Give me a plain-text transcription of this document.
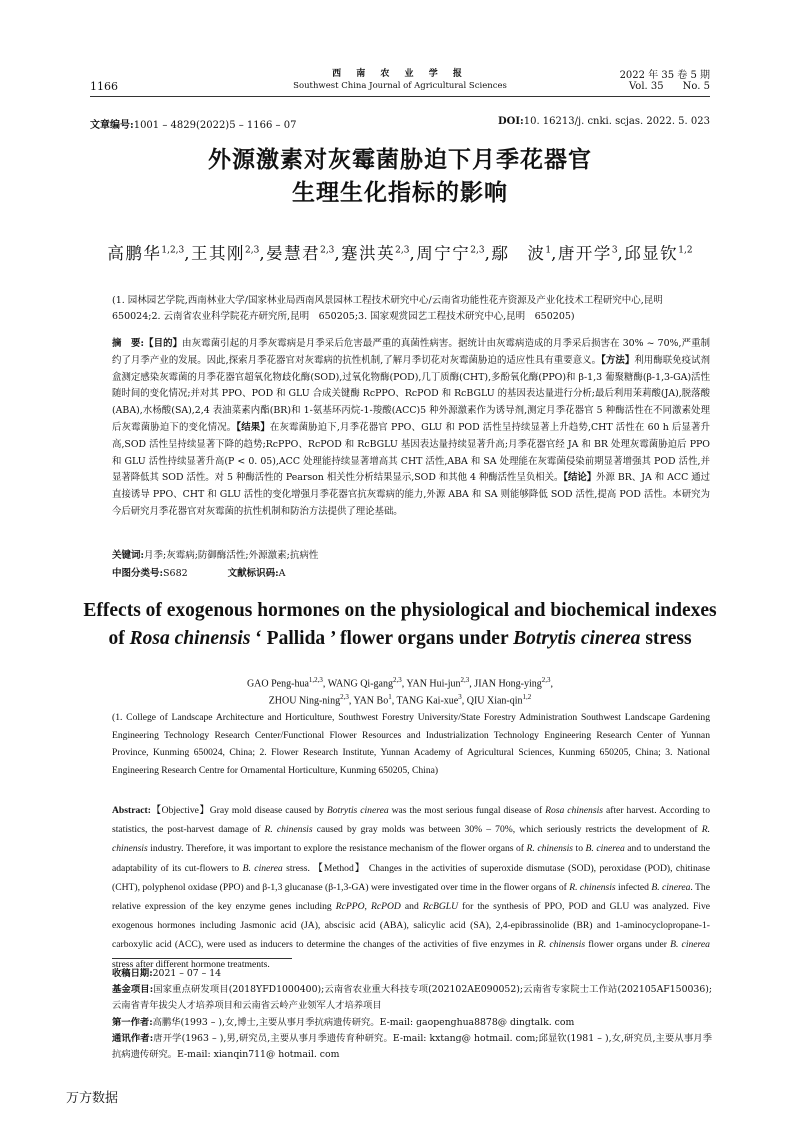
1166
西 南 农 业 学 报
Southwest China Journal of Agricultural Sciences
2022 年 35 卷 5 期
Vol. 35      No. 5
文章编号:1001 – 4829(2022)5 – 1166 – 07	DOI:10. 16213/j. cnki. scjas. 2022. 5. 023
外源激素对灰霉菌胁迫下月季花器官
生理生化指标的影响
高鹏华$^{1,2,3}$,王其刚$^{2,3}$,晏慧君$^{2,3}$,蹇洪英$^{2,3}$,周宁宁$^{2,3}$,鄢　波$^1$,唐开学$^3$,邱显钦$^{1,2}$
(1. 园林园艺学院,西南林业大学/国家林业局西南风景园林工程技术研究中心/云南省功能性花卉资源及产业化技术工程研究中心,昆明　650024;2. 云南省农业科学院花卉研究所,昆明　650205;3. 国家观赏园艺工程技术研究中心,昆明　650205)
摘　要:【目的】由灰霉菌引起的月季灰霉病是月季采后危害最严重的真菌性病害。据统计由灰霉病造成的月季采后损害在 30% ~ 70%,严重制约了月季产业的发展。因此,探索月季花器官对灰霉病的抗性机制,了解月季切花对灰霉菌胁迫的适应性具有重要意义。【方法】利用酶联免疫试剂盒测定感染灰霉菌的月季花器官超氧化物歧化酶(SOD),过氧化物酶(POD),几丁质酶(CHT),多酚氧化酶(PPO)和 β-1,3 葡聚糖酶(β-1,3-GA)活性随时间的变化情况;并对其 PPO、POD 和 GLU 合成关键酶 RcPPO、RcPOD 和 RcBGLU 的基因表达量进行分析;最后利用茉莉酸(JA),脱落酸(ABA),水杨酸(SA),2,4 表油菜素内酯(BR)和 1-氨基环丙烷-1-羧酸(ACC)5 种外源激素作为诱导剂,测定月季花器官 5 种酶活性在不同激素处理后灰霉菌胁迫下的变化情况。【结果】在灰霉菌胁迫下,月季花器官 PPO、GLU 和 POD 活性呈持续显著上升趋势,CHT 活性在 60 h 后显著升高,SOD 活性呈持续显著下降的趋势;RcPPO、RcPOD 和 RcBGLU 基因表达量持续显著升高;月季花器官经 JA 和 BR 处理灰霉菌胁迫后 PPO 和 GLU 活性持续显著升高(P < 0. 05),ACC 处理能持续显著增高其 CHT 活性,ABA 和 SA 处理能在灰霉菌侵染前期显著增强其 POD 活性,并显著降低其 SOD 活性。对 5 种酶活性的 Pearson 相关性分析结果显示,SOD 和其他 4 种酶活性呈负相关。【结论】外源 BR、JA 和 ACC 通过直接诱导 PPO、CHT 和 GLU 活性的变化增强月季花器官抗灰霉病的能力,外源 ABA 和 SA 则能够降低 SOD 活性,提高 POD 活性。本研究为今后研究月季花器官对灰霉菌的抗性机制和防治方法提供了理论基础。
关键词:月季;灰霉病;防御酶活性;外源激素;抗病性
中图分类号:S682	文献标识码:A
Effects of exogenous hormones on the physiological and biochemical indexes
of Rosa chinensis ‘ Pallida ’ flower organs under Botrytis cinerea stress
GAO Peng-hua$^{1,2,3}$, WANG Qi-gang$^{2,3}$, YAN Hui-jun$^{2,3}$, JIAN Hong-ying$^{2,3}$,
ZHOU Ning-ning$^{2,3}$, YAN Bo$^1$, TANG Kai-xue$^3$, QIU Xian-qin$^{1,2}$
(1. College of Landscape Architecture and Horticulture, Southwest Forestry University/State Forestry Administration Southwest Landscape Gardening Engineering Technology Research Center/Functional Flower Resources and Industrialization Technology Engineering Research Center of Yunnan Province, Kunming 650024, China; 2. Flower Research Institute, Yunnan Academy of Agricultural Sciences, Kunming 650205, China; 3. National Engineering Research Centre for Ornamental Horticulture, Kunming 650205, China)
Abstract:【Objective】Gray mold disease caused by Botrytis cinerea was the most serious fungal disease of Rosa chinensis after harvest. According to statistics, the post-harvest damage of R. chinensis caused by gray molds was between 30% – 70%, which seriously restricts the development of R. chinensis industry. Therefore, it was important to explore the resistance mechanism of the flower organs of R. chinensis to B. cinerea and to understand the adaptability of its cut-flowers to B. cinerea stress. 【Method】 Changes in the activities of superoxide dismutase (SOD), peroxidase (POD), chitinase (CHT), polyphenol oxidase (PPO) and β-1,3 glucanase (β-1,3-GA) were investigated over time in the flower organs of R. chinensis infected B. cinerea. The relative expression of the key enzyme genes including RcPPO, RcPOD and RcBGLU for the synthesis of PPO, POD and GLU was analyzed. Five exogenous hormones including Jasmonic acid (JA), abscisic acid (ABA), salicylic acid (SA), 2,4-epibrassinolide (BR) and 1-aminocyclopropane-1-carboxylic acid (ACC), were used as inducers to determine the changes of the activities of five enzymes in R. chinensis flower organs under B. cinerea stress after different hormone treatments.
收稿日期:2021 – 07 – 14
基金项目:国家重点研发项目(2018YFD1000400);云南省农业重大科技专项(202102AE090052);云南省专家院士工作站(202105AF150036);云南省青年拔尖人才培养项目和云南省云岭产业领军人才培养项目
第一作者:高鹏华(1993 – ),女,博士,主要从事月季抗病遗传研究。E-mail: gaopenghua8878@ dingtalk. com
通讯作者:唐开学(1963 – ),男,研究员,主要从事月季遗传育种研究。E-mail: kxtang@ hotmail. com;邱显钦(1981 – ),女,研究员,主要从事月季抗病遗传研究。E-mail: xianqin711@ hotmail. com
万方数据
